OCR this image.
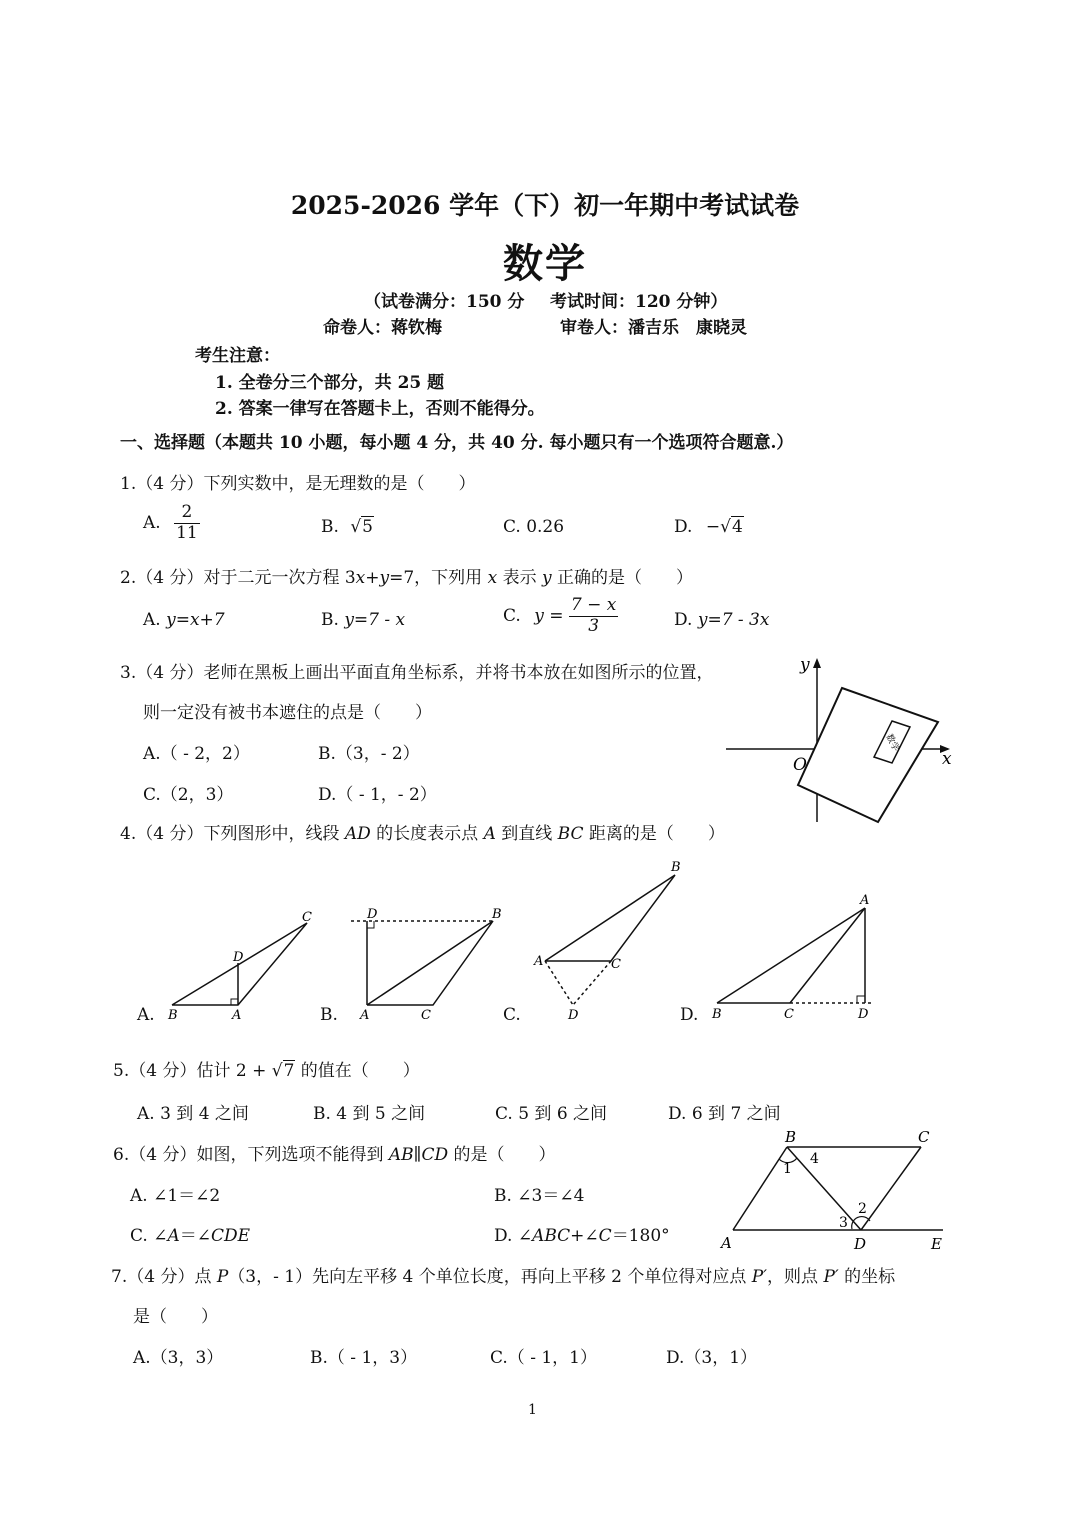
2025-2026 学年（下）初一年期中考试试卷
数学
（试卷满分：150 分 考试时间：120 分钟）
命卷人：蒋钦梅	审卷人：潘吉乐　康晓灵
考生注意：
1. 全卷分三个部分，共 25 题
2. 答案一律写在答题卡上，否则不能得分。
一、选择题（本题共 10 小题，每小题 4 分，共 40 分. 每小题只有一个选项符合题意.）
1.（4 分）下列实数中，是无理数的是（　　）
A. $\frac{2}{11}$	B. √5	C. 0.26	D. −√4
2.（4 分）对于二元一次方程 3x+y=7，下列用 x 表示 y 正确的是（　　）
A. y=x+7	B. y=7 - x	C. $y = \frac{7 - x}{3}$	D. y=7 - 3x
3.（4 分）老师在黑板上画出平面直角坐标系，并将书本放在如图所示的位置，
则一定没有被书本遮住的点是（　　）
A.（ - 2，2）	B.（3，- 2）
C.（2，3）	D.（ - 1，- 2）
y
x
O
数学
4.（4 分）下列图形中，线段 AD 的长度表示点 A 到直线 BC 距离的是（　　）
A. B	A
C
D
B.
D	B
A	C	C.
B
A	C
D	D.
A
B	C	D
5.（4 分）估计 2 + √7 的值在（　　）
A. 3 到 4 之间	B. 4 到 5 之间	C. 5 到 6 之间	D. 6 到 7 之间
6.（4 分）如图，下列选项不能得到 AB∥CD 的是（　　）
A. ∠1＝∠2	B. ∠3＝∠4
C. ∠A＝∠CDE	D. ∠ABC+∠C＝180°
B	C
A	D	E
1
4
2
3
7.（4 分）点 P（3，- 1）先向左平移 4 个单位长度，再向上平移 2 个单位得对应点 P′，则点 P′ 的坐标
是（　　）
A.（3，3）	B.（ - 1，3）	C.（ - 1，1）	D.（3，1）
1
